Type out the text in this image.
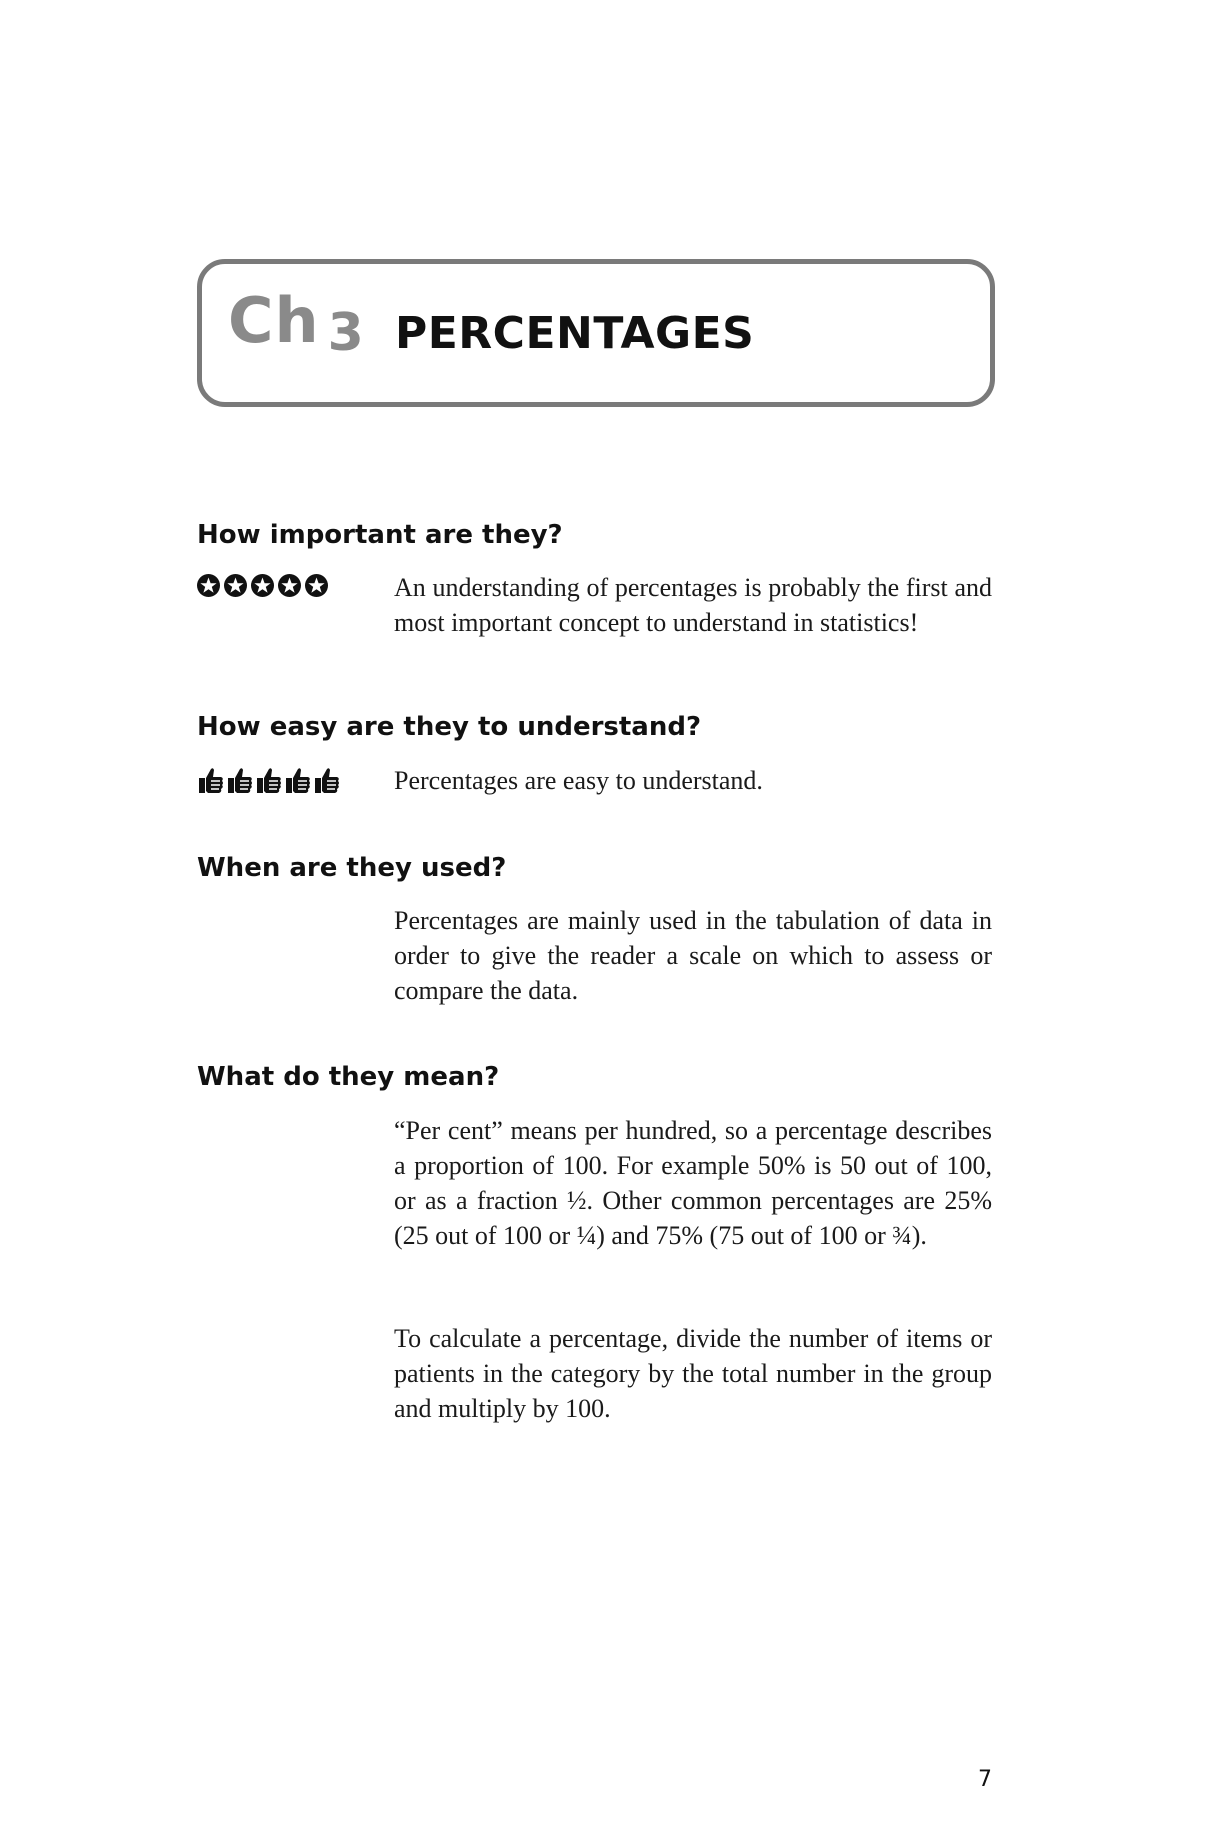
Ch 3 PERCENTAGES
How important are they?

An understanding of percentages is probably the first and most important concept to understand in statistics!

How easy are they to understand?

Percentages are easy to understand.

When are they used?

Percentages are mainly used in the tabulation of data in order to give the reader a scale on which to assess or compare the data.

What do they mean?

“Per cent” means per hundred, so a percentage describes a proportion of 100. For example 50% is 50 out of 100, or as a fraction ½. Other common percentages are 25% (25 out of 100 or ¼) and 75% (75 out of 100 or ¾).

To calculate a percentage, divide the number of items or patients in the category by the total number in the group and multiply by 100.

7
